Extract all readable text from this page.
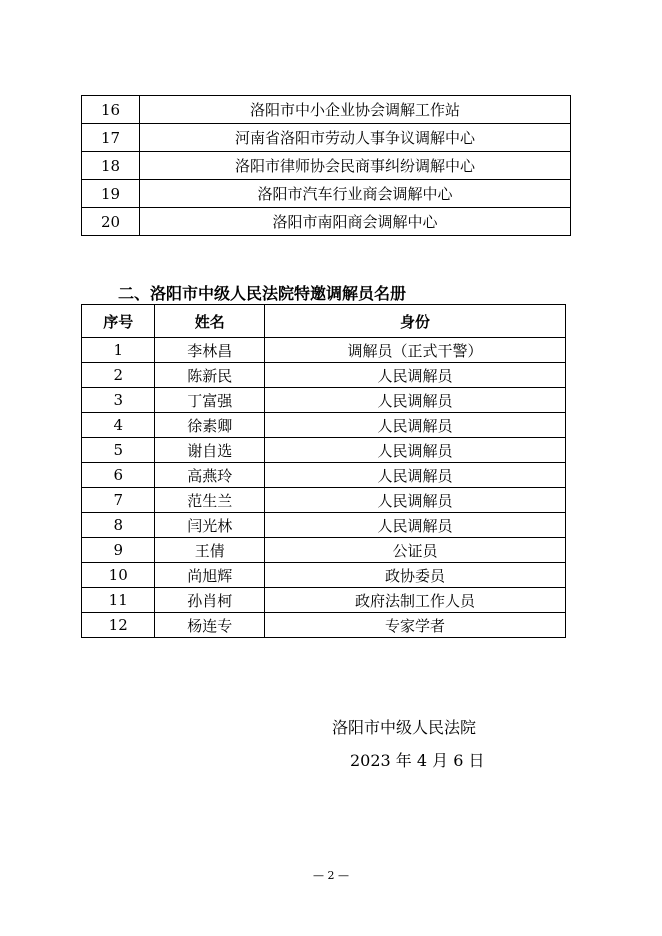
16	洛阳市中小企业协会调解工作站
17	河南省洛阳市劳动人事争议调解中心
18	洛阳市律师协会民商事纠纷调解中心
19	洛阳市汽车行业商会调解中心
20	洛阳市南阳商会调解中心
二、洛阳市中级人民法院特邀调解员名册
序号	姓名	身份
1	李林昌	调解员（正式干警）
2	陈新民	人民调解员
3	丁富强	人民调解员
4	徐素卿	人民调解员
5	谢自选	人民调解员
6	高燕玲	人民调解员
7	范生兰	人民调解员
8	闫光林	人民调解员
9	王倩	公证员
10	尚旭辉	政协委员
11	孙肖柯	政府法制工作人员
12	杨连专	专家学者
洛阳市中级人民法院
2023 年 4 月 6 日
— 2 —
